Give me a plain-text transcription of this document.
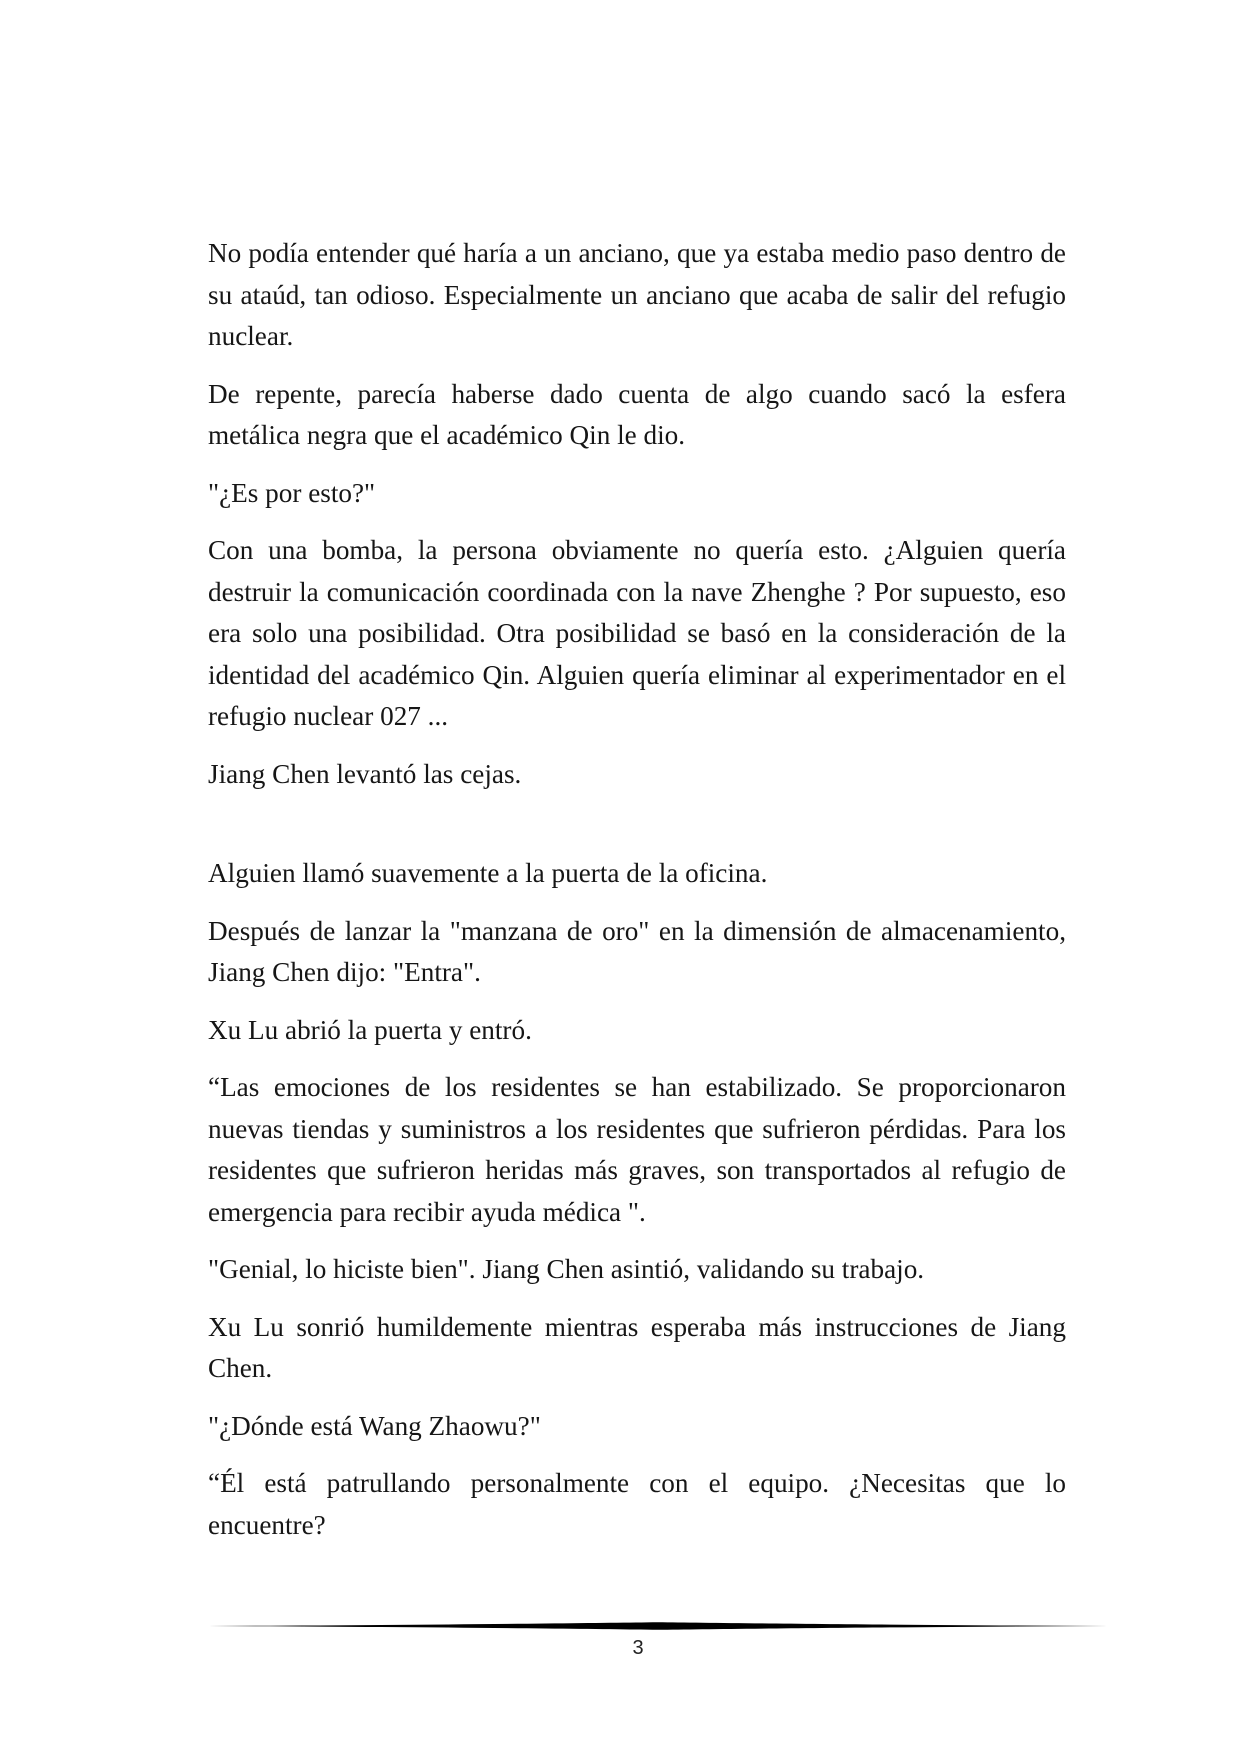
No podía entender qué haría a un anciano, que ya estaba medio paso dentro de su ataúd, tan odioso. Especialmente un anciano que acaba de salir del refugio nuclear.

De repente, parecía haberse dado cuenta de algo cuando sacó la esfera metálica negra que el académico Qin le dio.

"¿Es por esto?"

Con una bomba, la persona obviamente no quería esto. ¿Alguien quería destruir la comunicación coordinada con la nave Zhenghe ? Por supuesto, eso era solo una posibilidad. Otra posibilidad se basó en la consideración de la identidad del académico Qin. Alguien quería eliminar al experimentador en el refugio nuclear 027 ...

Jiang Chen levantó las cejas.

Alguien llamó suavemente a la puerta de la oficina.

Después de lanzar la "manzana de oro" en la dimensión de almacenamiento, Jiang Chen dijo: "Entra".

Xu Lu abrió la puerta y entró.

“Las emociones de los residentes se han estabilizado. Se proporcionaron nuevas tiendas y suministros a los residentes que sufrieron pérdidas. Para los residentes que sufrieron heridas más graves, son transportados al refugio de emergencia para recibir ayuda médica ".

"Genial, lo hiciste bien". Jiang Chen asintió, validando su trabajo.

Xu Lu sonrió humildemente mientras esperaba más instrucciones de Jiang Chen.

"¿Dónde está Wang Zhaowu?"

“Él está patrullando personalmente con el equipo. ¿Necesitas que lo encuentre?

3
